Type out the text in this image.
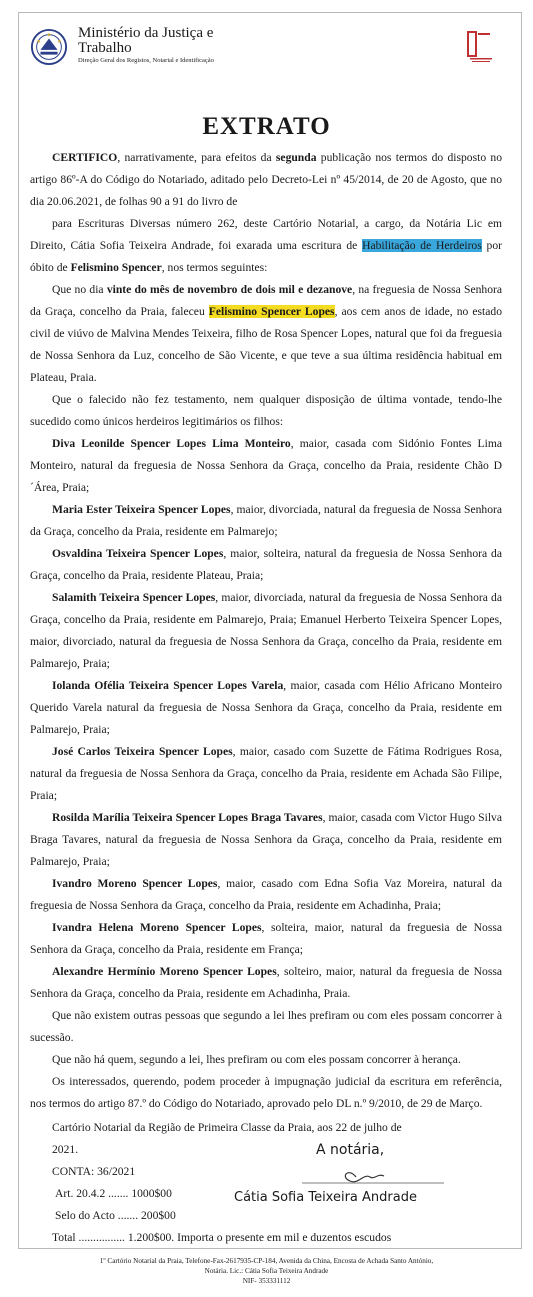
Ministério da Justiça e
Trabalho
Direção Geral dos Registos, Notarial e Identificação
EXTRATO

CERTIFICO, narrativamente, para efeitos da segunda publicação nos termos do disposto no artigo 86º-A do Código do Notariado, aditado pelo Decreto-Lei nº 45/2014, de 20 de Agosto, que no dia 20.06.2021, de folhas 90 a 91 do livro de

para Escrituras Diversas número 262, deste Cartório Notarial, a cargo, da Notária Lic em Direito, Cátia Sofia Teixeira Andrade, foi exarada uma escritura de Habilitação de Herdeiros por óbito de Felismino Spencer, nos termos seguintes:

Que no dia vinte do mês de novembro de dois mil e dezanove, na freguesia de Nossa Senhora da Graça, concelho da Praia, faleceu Felismino Spencer Lopes, aos cem anos de idade, no estado civil de viúvo de Malvina Mendes Teixeira, filho de Rosa Spencer Lopes, natural que foi da freguesia de Nossa Senhora da Luz, concelho de São Vicente, e que teve a sua última residência habitual em Plateau, Praia.

Que o falecido não fez testamento, nem qualquer disposição de última vontade, tendo-lhe sucedido como únicos herdeiros legitimários os filhos:

Diva Leonilde Spencer Lopes Lima Monteiro, maior, casada com Sidónio Fontes Lima Monteiro, natural da freguesia de Nossa Senhora da Graça, concelho da Praia, residente Chão D´Área, Praia;

Maria Ester Teixeira Spencer Lopes, maior, divorciada, natural da freguesia de Nossa Senhora da Graça, concelho da Praia, residente em Palmarejo;

Osvaldina Teixeira Spencer Lopes, maior, solteira, natural da freguesia de Nossa Senhora da Graça, concelho da Praia, residente Plateau, Praia;

Salamith Teixeira Spencer Lopes, maior, divorciada, natural da freguesia de Nossa Senhora da Graça, concelho da Praia, residente em Palmarejo, Praia; Emanuel Herberto Teixeira Spencer Lopes, maior, divorciado, natural da freguesia de Nossa Senhora da Graça, concelho da Praia, residente em Palmarejo, Praia;

Iolanda Ofélia Teixeira Spencer Lopes Varela, maior, casada com Hélio Africano Monteiro Querido Varela natural da freguesia de Nossa Senhora da Graça, concelho da Praia, residente em Palmarejo, Praia;

José Carlos Teixeira Spencer Lopes, maior, casado com Suzette de Fátima Rodrigues Rosa, natural da freguesia de Nossa Senhora da Graça, concelho da Praia, residente em Achada São Filipe, Praia;

Rosilda Marília Teixeira Spencer Lopes Braga Tavares, maior, casada com Victor Hugo Silva Braga Tavares, natural da freguesia de Nossa Senhora da Graça, concelho da Praia, residente em Palmarejo, Praia;

Ivandro Moreno Spencer Lopes, maior, casado com Edna Sofia Vaz Moreira, natural da freguesia de Nossa Senhora da Graça, concelho da Praia, residente em Achadinha, Praia;

Ivandra Helena Moreno Spencer Lopes, solteira, maior, natural da freguesia de Nossa Senhora da Graça, concelho da Praia, residente em França;

Alexandre Hermínio Moreno Spencer Lopes, solteiro, maior, natural da freguesia de Nossa Senhora da Graça, concelho da Praia, residente em Achadinha, Praia.

Que não existem outras pessoas que segundo a lei lhes prefiram ou com eles possam concorrer à sucessão.

Que não há quem, segundo a lei, lhes prefiram ou com eles possam concorrer à herança.

Os interessados, querendo, podem proceder à impugnação judicial da escritura em referência, nos termos do artigo 87.º do Código do Notariado, aprovado pelo DL n.º 9/2010, de 29 de Março.

Cartório Notarial da Região de Primeira Classe da Praia, aos 22 de julho de
2021.
CONTA: 36/2021
Art. 20.4.2 ....... 1000$00
Selo do Acto ....... 200$00
Total ................ 1.200$00. Importa o presente em mil e duzentos escudos
A notária,
Cátia Sofia Teixeira Andrade
1º Cartório Notarial da Praia, Telefone-Fax-2617935-CP-184, Avenida da China, Encosta de Achada Santo António,
Notária. Lic.: Cátia Sofia Teixeira Andrade
NIF- 353331112
